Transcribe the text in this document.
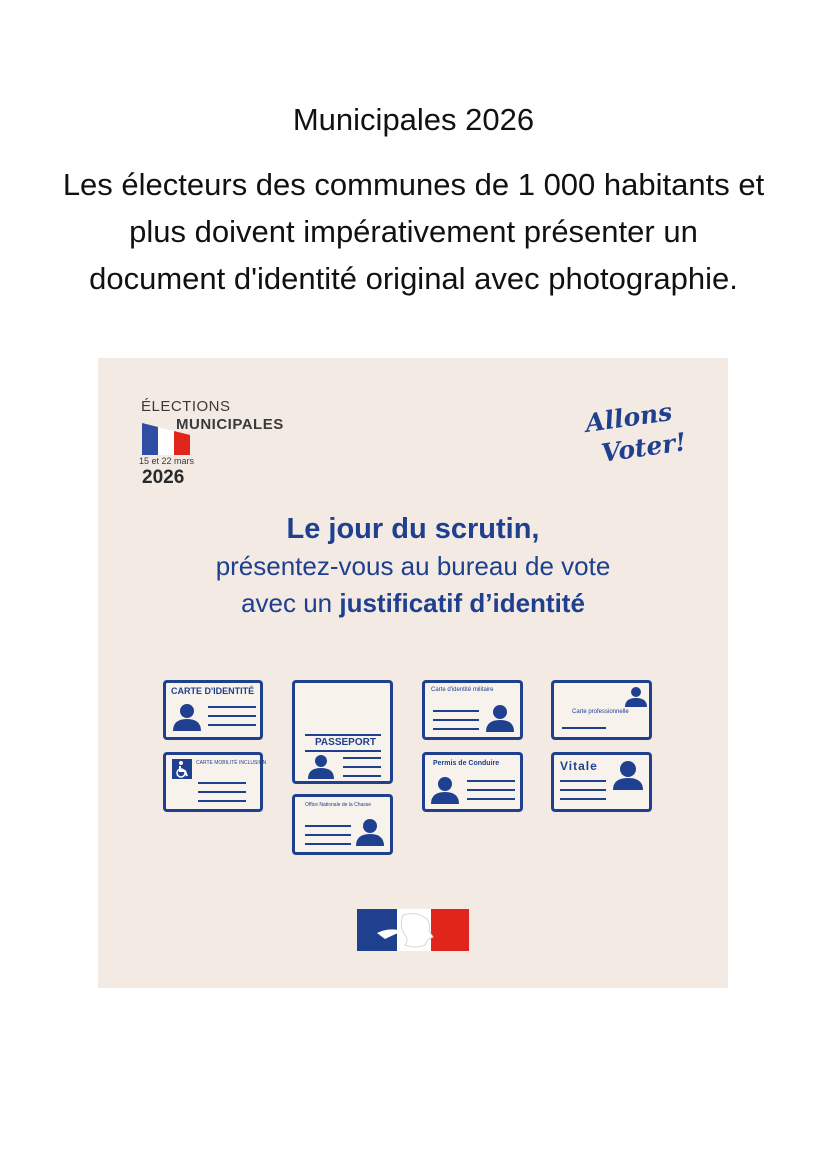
Municipales 2026

Les électeurs des communes de 1 000 habitants et plus doivent impérativement présenter un document d'identité original avec photographie.

ÉLECTIONS
MUNICIPALES
15 et 22 mars
2026
Allons
Voter!
Le jour du scrutin,
présentez-vous au bureau de vote
avec un justificatif d’identité
CARTE D'IDENTITÉ
CARTE MOBILITÉ INCLUSION
PASSEPORT
Office Nationale de la Chasse
Carte d'identité militaire
Permis de Conduire
Carte professionnelle
Vitale
